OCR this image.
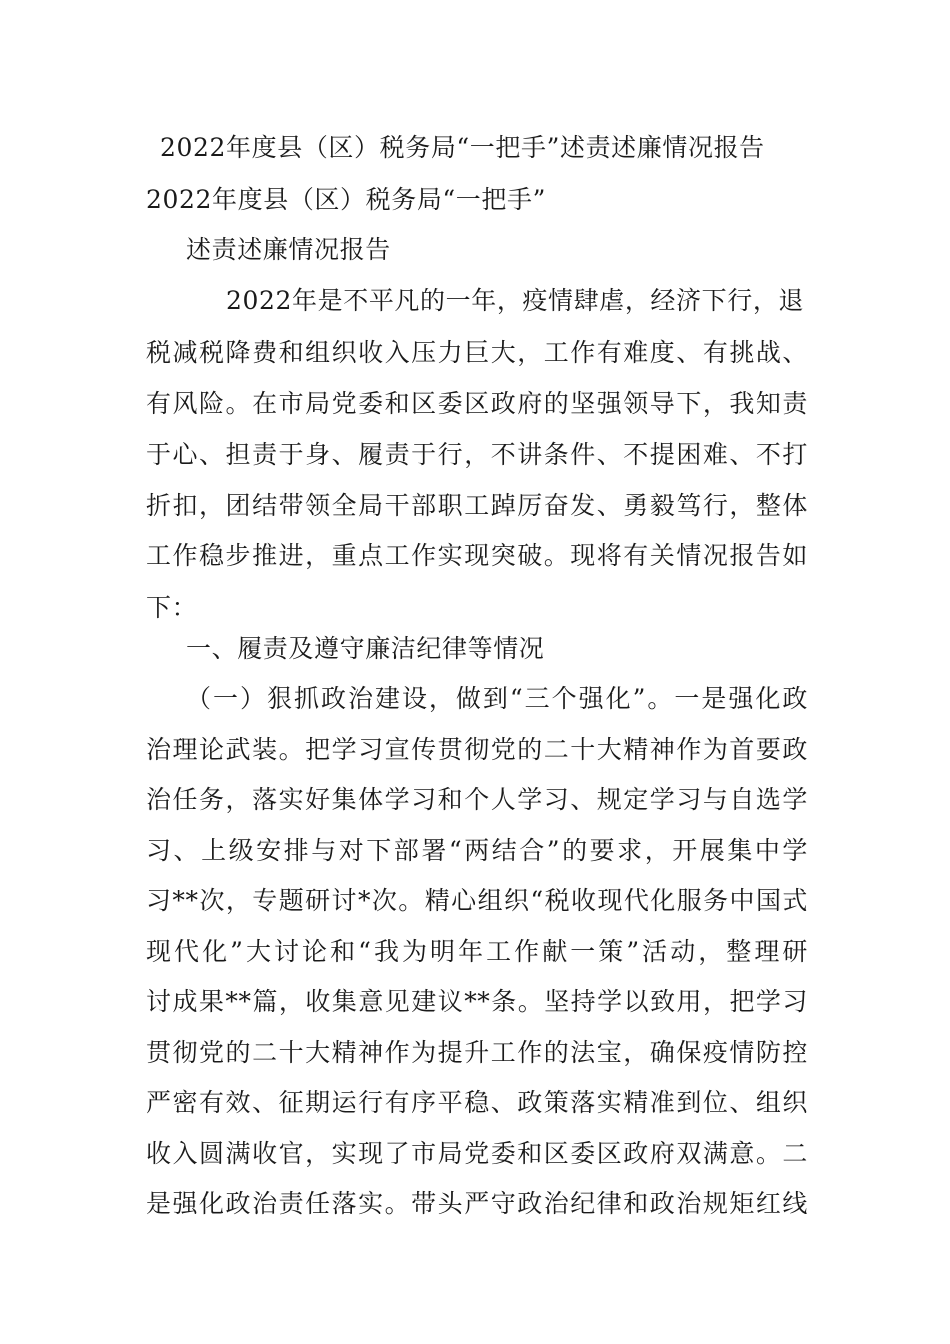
2022年度县（区）税务局“一把手”述责述廉情况报告
2022年度县（区）税务局“一把手”
述责述廉情况报告
2022年是不平凡的一年，疫情肆虐，经济下行，退
税减税降费和组织收入压力巨大，工作有难度、有挑战、
有风险。在市局党委和区委区政府的坚强领导下，我知责
于心、担责于身、履责于行，不讲条件、不提困难、不打
折扣，团结带领全局干部职工踔厉奋发、勇毅笃行，整体
工作稳步推进，重点工作实现突破。现将有关情况报告如
下：
一、履责及遵守廉洁纪律等情况
（一）狠抓政治建设，做到“三个强化”。一是强化政
治理论武装。把学习宣传贯彻党的二十大精神作为首要政
治任务，落实好集体学习和个人学习、规定学习与自选学
习、上级安排与对下部署“两结合”的要求，开展集中学
习**次，专题研讨*次。精心组织“税收现代化服务中国式
现代化”大讨论和“我为明年工作献一策”活动，整理研
讨成果**篇，收集意见建议**条。坚持学以致用，把学习
贯彻党的二十大精神作为提升工作的法宝，确保疫情防控
严密有效、征期运行有序平稳、政策落实精准到位、组织
收入圆满收官，实现了市局党委和区委区政府双满意。二
是强化政治责任落实。带头严守政治纪律和政治规矩红线
